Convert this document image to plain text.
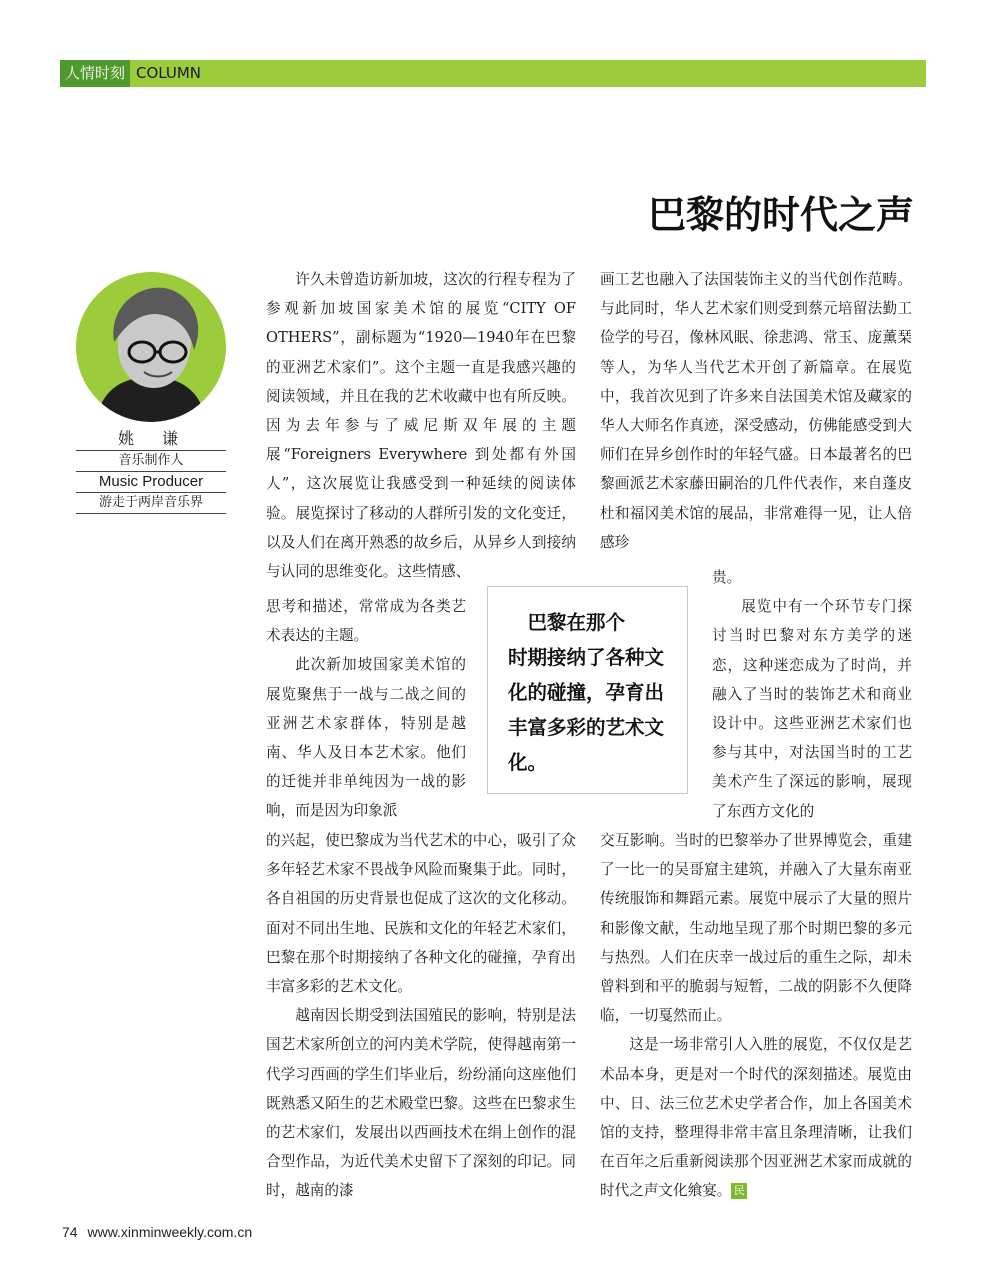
人情时刻 COLUMN
巴黎的时代之声
姚　谦
音乐制作人
Music Producer
游走于两岸音乐界

许久未曾造访新加坡，这次的行程专程为了参观新加坡国家美术馆的展览“CITY OF OTHERS”，副标题为“1920—1940年在巴黎的亚洲艺术家们”。这个主题一直是我感兴趣的阅读领域，并且在我的艺术收藏中也有所反映。因为去年参与了威尼斯双年展的主题展“Foreigners Everywhere 到处都有外国人”，这次展览让我感受到一种延续的阅读体验。展览探讨了移动的人群所引发的文化变迁，以及人们在离开熟悉的故乡后，从异乡人到接纳与认同的思维变化。这些情感、

思考和描述，常常成为各类艺术表达的主题。

此次新加坡国家美术馆的展览聚焦于一战与二战之间的亚洲艺术家群体，特别是越南、华人及日本艺术家。他们的迁徙并非单纯因为一战的影响，而是因为印象派

的兴起，使巴黎成为当代艺术的中心，吸引了众多年轻艺术家不畏战争风险而聚集于此。同时，各自祖国的历史背景也促成了这次的文化移动。面对不同出生地、民族和文化的年轻艺术家们，巴黎在那个时期接纳了各种文化的碰撞，孕育出丰富多彩的艺术文化。

越南因长期受到法国殖民的影响，特别是法国艺术家所创立的河内美术学院，使得越南第一代学习西画的学生们毕业后，纷纷涌向这座他们既熟悉又陌生的艺术殿堂巴黎。这些在巴黎求生的艺术家们，发展出以西画技术在绢上创作的混合型作品，为近代美术史留下了深刻的印记。同时，越南的漆

巴黎在那个
时期接纳了各种文化的碰撞，孕育出丰富多彩的艺术文化。

画工艺也融入了法国装饰主义的当代创作范畴。与此同时，华人艺术家们则受到蔡元培留法勤工俭学的号召，像林风眠、徐悲鸿、常玉、庞薰琹等人，为华人当代艺术开创了新篇章。在展览中，我首次见到了许多来自法国美术馆及藏家的华人大师名作真迹，深受感动，仿佛能感受到大师们在异乡创作时的年轻气盛。日本最著名的巴黎画派艺术家藤田嗣治的几件代表作，来自蓬皮杜和福冈美术馆的展品，非常难得一见，让人倍感珍

贵。

展览中有一个环节专门探讨当时巴黎对东方美学的迷恋，这种迷恋成为了时尚，并融入了当时的装饰艺术和商业设计中。这些亚洲艺术家们也参与其中，对法国当时的工艺美术产生了深远的影响，展现了东西方文化的

交互影响。当时的巴黎举办了世界博览会，重建了一比一的吴哥窟主建筑，并融入了大量东南亚传统服饰和舞蹈元素。展览中展示了大量的照片和影像文献，生动地呈现了那个时期巴黎的多元与热烈。人们在庆幸一战过后的重生之际，却未曾料到和平的脆弱与短暂，二战的阴影不久便降临，一切戛然而止。

这是一场非常引人入胜的展览，不仅仅是艺术品本身，更是对一个时代的深刻描述。展览由中、日、法三位艺术史学者合作，加上各国美术馆的支持，整理得非常丰富且条理清晰，让我们在百年之后重新阅读那个因亚洲艺术家而成就的时代之声文化飨宴。 民

74 www.xinminweekly.com.cn
